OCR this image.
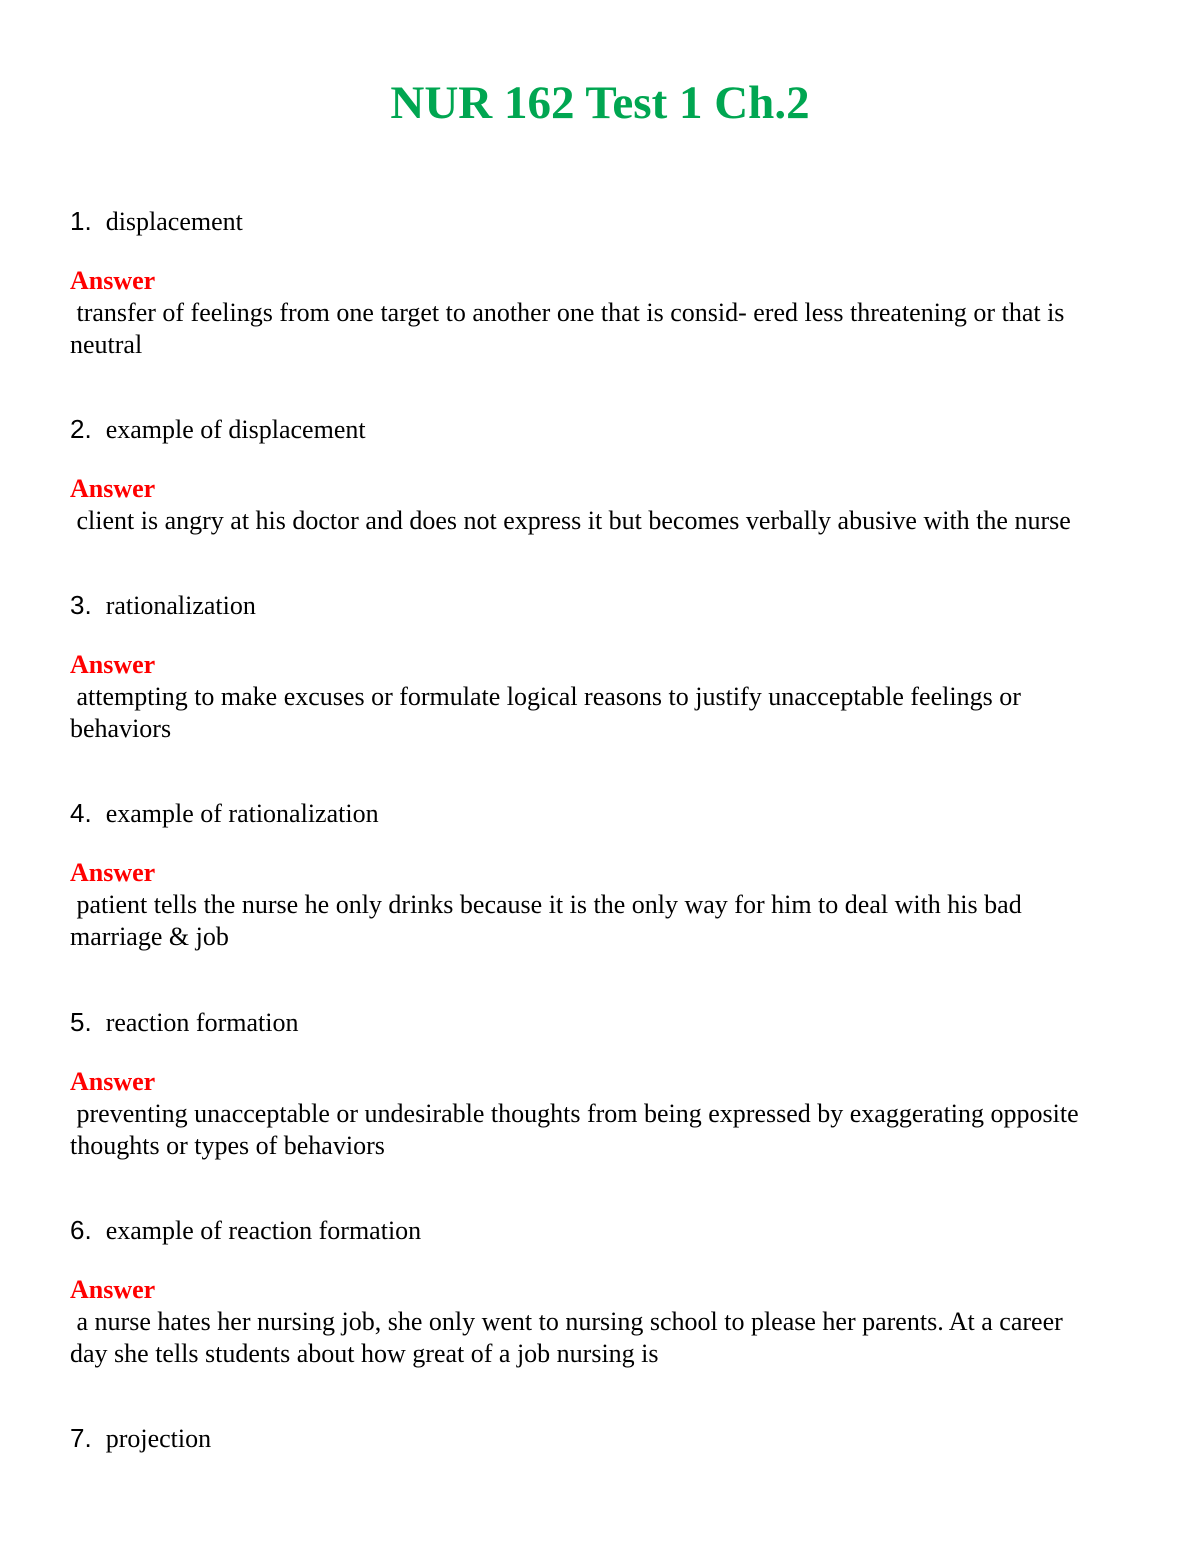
NUR 162 Test 1 Ch.2
1. displacement
Answer
transfer of feelings from one target to another one that is consid- ered less threatening or that is
neutral
2. example of displacement
Answer
client is angry at his doctor and does not express it but becomes verbally abusive with the nurse
3. rationalization
Answer
attempting to make excuses or formulate logical reasons to justify unacceptable feelings or
behaviors
4. example of rationalization
Answer
patient tells the nurse he only drinks because it is the only way for him to deal with his bad
marriage & job
5. reaction formation
Answer
preventing unacceptable or undesirable thoughts from being expressed by exaggerating opposite
thoughts or types of behaviors
6. example of reaction formation
Answer
a nurse hates her nursing job, she only went to nursing school to please her parents. At a career
day she tells students about how great of a job nursing is
7. projection
